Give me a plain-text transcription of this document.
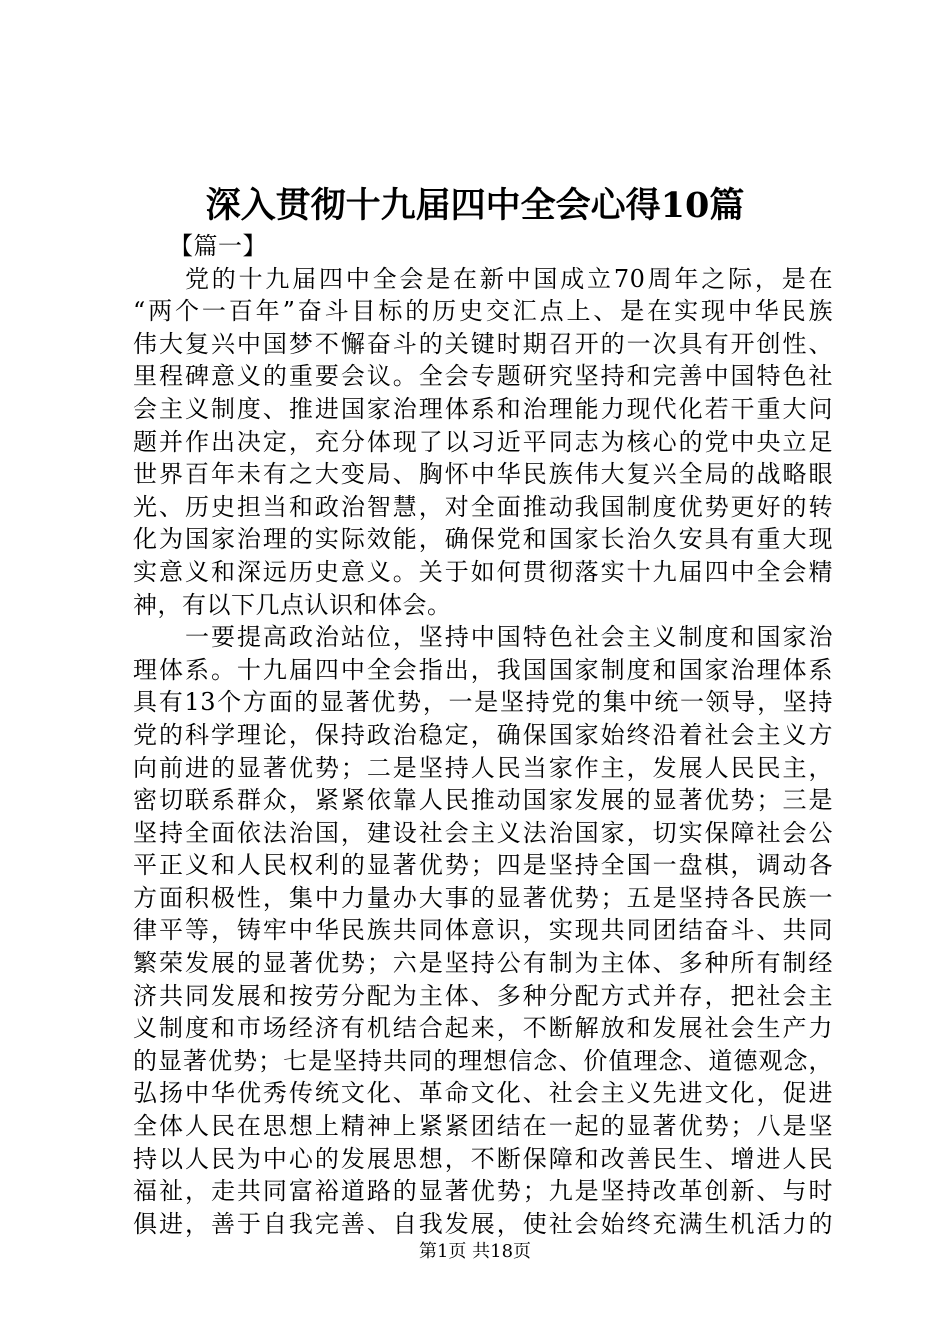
深入贯彻十九届四中全会心得10篇
【篇一】
党的十九届四中全会是在新中国成立70周年之际，是在
“两个一百年”奋斗目标的历史交汇点上、是在实现中华民族
伟大复兴中国梦不懈奋斗的关键时期召开的一次具有开创性、
里程碑意义的重要会议。全会专题研究坚持和完善中国特色社
会主义制度、推进国家治理体系和治理能力现代化若干重大问
题并作出决定，充分体现了以习近平同志为核心的党中央立足
世界百年未有之大变局、胸怀中华民族伟大复兴全局的战略眼
光、历史担当和政治智慧，对全面推动我国制度优势更好的转
化为国家治理的实际效能，确保党和国家长治久安具有重大现
实意义和深远历史意义。关于如何贯彻落实十九届四中全会精
神，有以下几点认识和体会。
一要提高政治站位，坚持中国特色社会主义制度和国家治
理体系。十九届四中全会指出，我国国家制度和国家治理体系
具有13个方面的显著优势，一是坚持党的集中统一领导，坚持
党的科学理论，保持政治稳定，确保国家始终沿着社会主义方
向前进的显著优势；二是坚持人民当家作主，发展人民民主，
密切联系群众，紧紧依靠人民推动国家发展的显著优势；三是
坚持全面依法治国，建设社会主义法治国家，切实保障社会公
平正义和人民权利的显著优势；四是坚持全国一盘棋，调动各
方面积极性，集中力量办大事的显著优势；五是坚持各民族一
律平等，铸牢中华民族共同体意识，实现共同团结奋斗、共同
繁荣发展的显著优势；六是坚持公有制为主体、多种所有制经
济共同发展和按劳分配为主体、多种分配方式并存，把社会主
义制度和市场经济有机结合起来，不断解放和发展社会生产力
的显著优势；七是坚持共同的理想信念、价值理念、道德观念，
弘扬中华优秀传统文化、革命文化、社会主义先进文化，促进
全体人民在思想上精神上紧紧团结在一起的显著优势；八是坚
持以人民为中心的发展思想，不断保障和改善民生、增进人民
福祉，走共同富裕道路的显著优势；九是坚持改革创新、与时
俱进，善于自我完善、自我发展，使社会始终充满生机活力的
第1页 共18页
